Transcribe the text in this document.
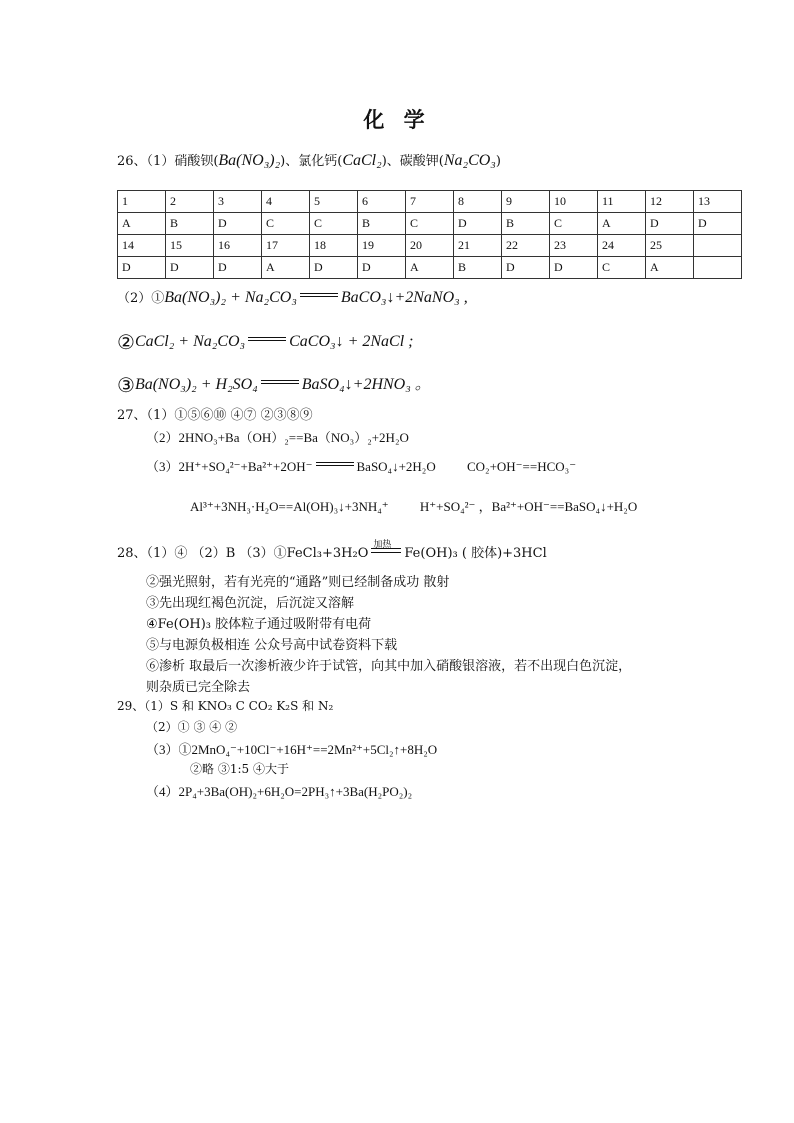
化 学
26、（1）硝酸钡(Ba(NO₃)₂)、氯化钙(CaCl₂)、碳酸钾(Na₂CO₃)
1	2	3	4	5	6	7	8	9	10	11	12	13
A	B	D	C	C	B	C	D	B	C	A	D	D
14	15	16	17	18	19	20	21	22	23	24	25	
D	D	D	A	D	D	A	B	D	D	C	A	
（2）①Ba(NO₃)₂ + Na₂CO₃	BaCO₃↓+2NaNO₃ ,
②CaCl₂ + Na₂CO₃	CaCO₃↓ + 2NaCl ;
③Ba(NO₃)₂ + H₂SO₄	BaSO₄↓+2HNO₃ 。
27、（1）①⑤⑥⑩ ④⑦ ②③⑧⑨
（2）2HNO₃+Ba（OH）₂==Ba（NO₃）₂+2H₂O
（3）2H⁺+SO₄²⁻+Ba²⁺+2OH⁻	BaSO₄↓+2H₂O CO₂+OH⁻==HCO₃⁻
Al³⁺+3NH₃·H₂O==Al(OH)₃↓+3NH₄⁺ H⁺+SO₄²⁻ ，Ba²⁺+OH⁻==BaSO₄↓+H₂O
28、（1）④ （2）B （3）①FeCl₃+3H₂O
加热
Fe(OH)₃ ( 胶体)+3HCl
②强光照射，若有光亮的“通路”则已经制备成功 散射
③先出现红褐色沉淀，后沉淀又溶解
④Fe(OH)₃ 胶体粒子通过吸附带有电荷
⑤与电源负极相连 公众号高中试卷资料下载
⑥渗析 取最后一次渗析液少许于试管，向其中加入硝酸银溶液，若不出现白色沉淀，
则杂质已完全除去
29、（1）S 和 KNO₃ C CO₂ K₂S 和 N₂
（2）① ③ ④ ②
（3）①2MnO₄⁻+10Cl⁻+16H⁺==2Mn²⁺+5Cl₂↑+8H₂O
②略 ③1:5 ④大于
（4）2P₄+3Ba(OH)₂+6H₂O=2PH₃↑+3Ba(H₂PO₂)₂
